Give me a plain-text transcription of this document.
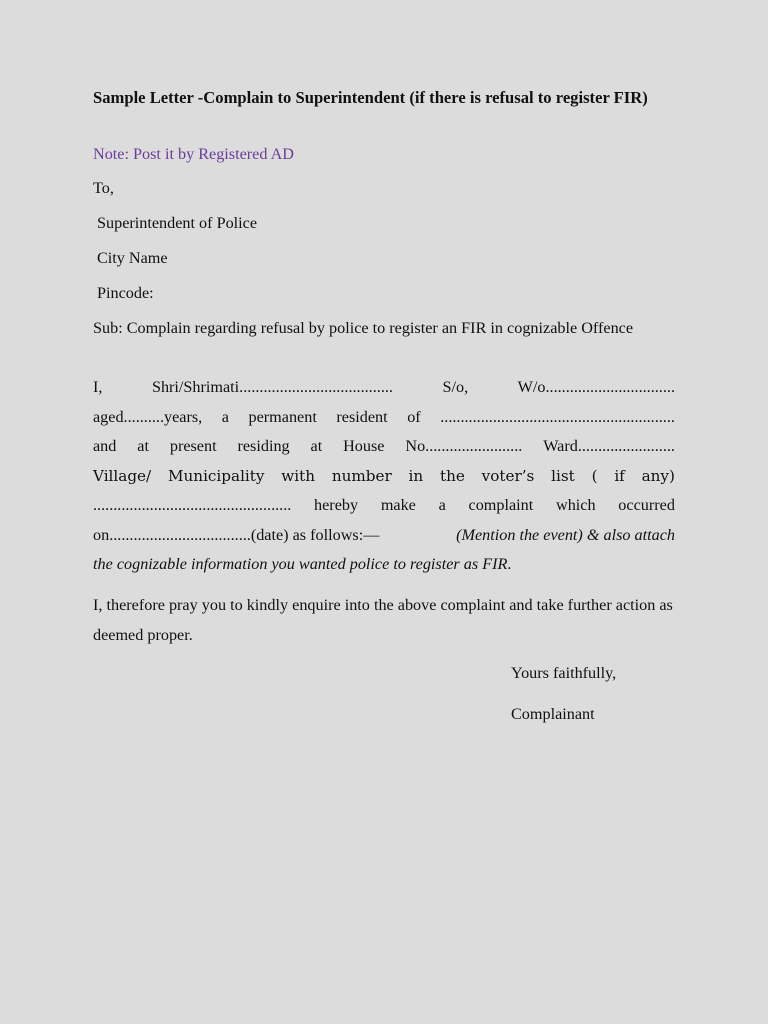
Sample Letter -Complain to Superintendent (if there is refusal to register FIR)
Note: Post it by Registered AD
To,
Superintendent of Police
City Name
Pincode:
Sub: Complain regarding refusal by police to register an FIR in cognizable Offence
I,	Shri/Shrimati......................................	S/o,	W/o................................
aged..........years, a permanent resident of ..........................................................
and at present residing at House No........................ Ward........................
Village/ Municipality with number in the voter’s list ( if any)
................................................. hereby make a complaint which occurred
on...................................(date) as follows:—	(Mention the event) & also attach
the cognizable information you wanted police to register as FIR.
I, therefore pray you to kindly enquire into the above complaint and take further action as deemed proper.
Yours faithfully,
Complainant
